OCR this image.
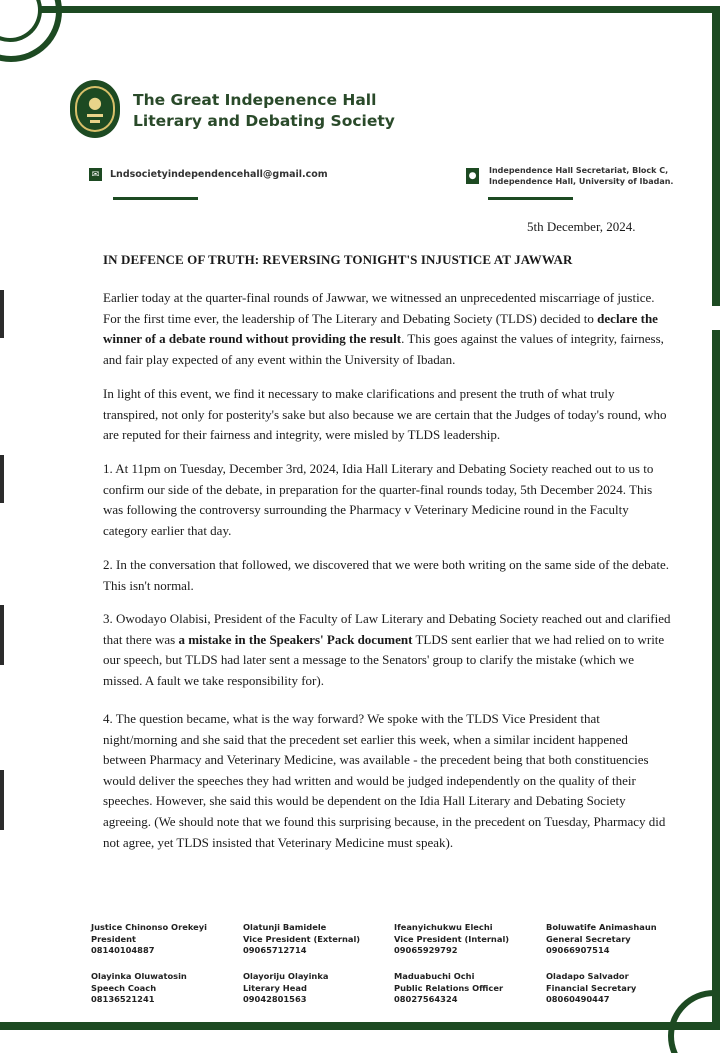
● The Great Indepenence Hall
Literary and Debating Society
✉ Lndsocietyindependencehall@gmail.com	●
Independence Hall Secretariat, Block C,
Independence Hall, University of Ibadan.
5th December, 2024.
IN DEFENCE OF TRUTH: REVERSING TONIGHT'S INJUSTICE AT JAWWAR
Earlier today at the quarter-final rounds of Jawwar, we witnessed an unprecedented miscarriage of justice. For the first time ever, the leadership of The Literary and Debating Society (TLDS) decided to declare the winner of a debate round without providing the result. This goes against the values of integrity, fairness, and fair play expected of any event within the University of Ibadan.
In light of this event, we find it necessary to make clarifications and present the truth of what truly transpired, not only for posterity's sake but also because we are certain that the Judges of today's round, who are reputed for their fairness and integrity, were misled by TLDS leadership.
1. At 11pm on Tuesday, December 3rd, 2024, Idia Hall Literary and Debating Society reached out to us to confirm our side of the debate, in preparation for the quarter-final rounds today, 5th December 2024. This was following the controversy surrounding the Pharmacy v Veterinary Medicine round in the Faculty category earlier that day.
2. In the conversation that followed, we discovered that we were both writing on the same side of the debate. This isn't normal.
3. Owodayo Olabisi, President of the Faculty of Law Literary and Debating Society reached out and clarified that there was a mistake in the Speakers' Pack document TLDS sent earlier that we had relied on to write our speech, but TLDS had later sent a message to the Senators' group to clarify the mistake (which we missed. A fault we take responsibility for).
4. The question became, what is the way forward? We spoke with the TLDS Vice President that night/morning and she said that the precedent set earlier this week, when a similar incident happened between Pharmacy and Veterinary Medicine, was available - the precedent being that both constituencies would deliver the speeches they had written and would be judged independently on the quality of their speeches. However, she said this would be dependent on the Idia Hall Literary and Debating Society agreeing. (We should note that we found this surprising because, in the precedent on Tuesday, Pharmacy did not agree, yet TLDS insisted that Veterinary Medicine must speak).
Justice Chinonso Orekeyi
President
08140104887
Olatunji Bamidele
Vice President (External)
09065712714
Ifeanyichukwu Elechi
Vice President (Internal)
09065929792
Boluwatife Animashaun
General Secretary
09066907514
Olayinka Oluwatosin
Speech Coach
08136521241
Olayoriju Olayinka
Literary Head
09042801563
Maduabuchi Ochi
Public Relations Officer
08027564324
Oladapo Salvador
Financial Secretary
08060490447
